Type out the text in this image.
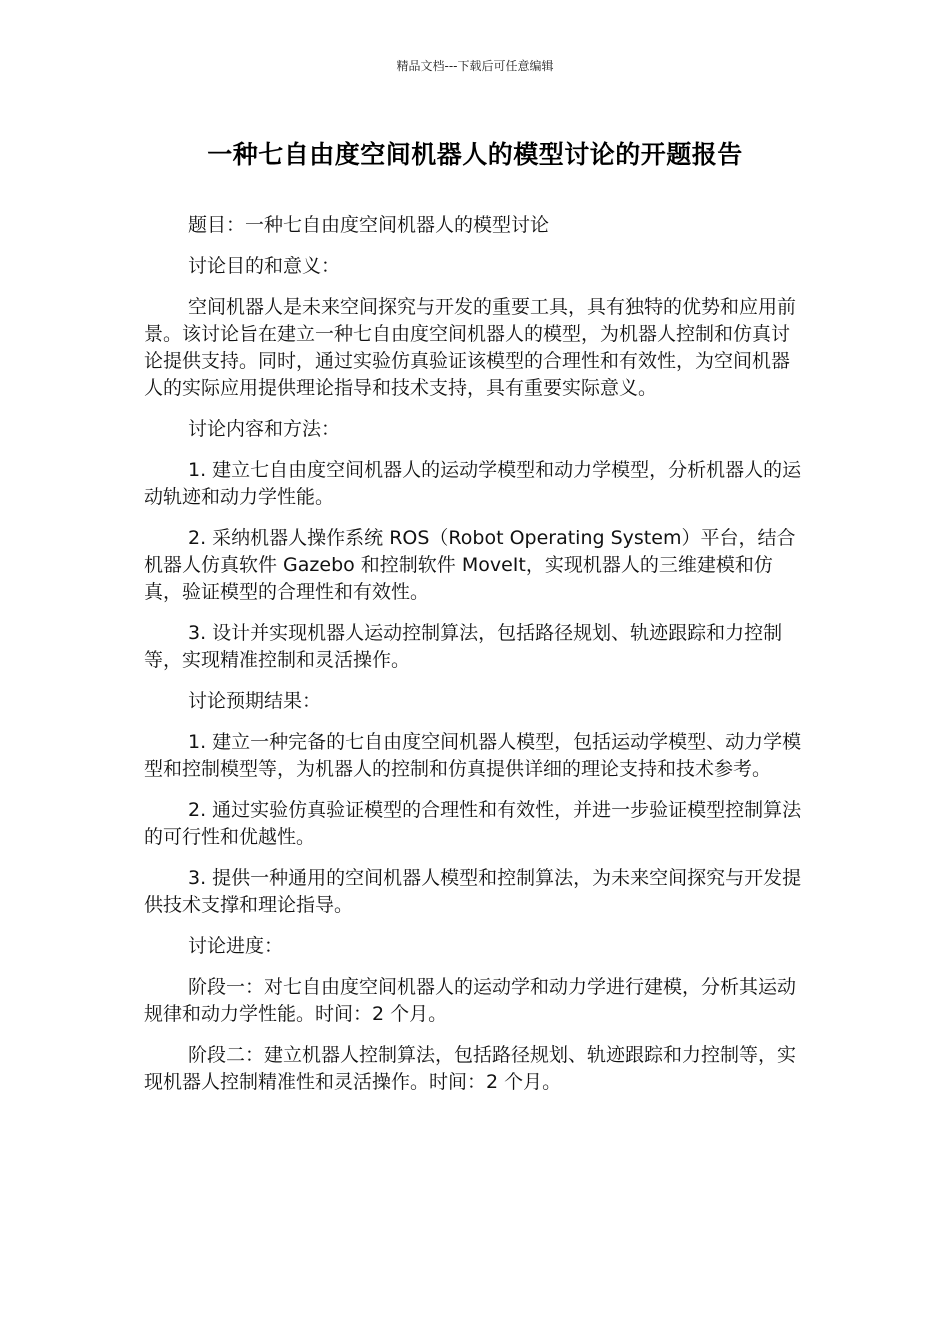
精品文档---下载后可任意编辑
一种七自由度空间机器人的模型讨论的开题报告

题目：一种七自由度空间机器人的模型讨论

讨论目的和意义：

空间机器人是未来空间探究与开发的重要工具，具有独特的优势和应用前景。该讨论旨在建立一种七自由度空间机器人的模型，为机器人控制和仿真讨论提供支持。同时，通过实验仿真验证该模型的合理性和有效性，为空间机器人的实际应用提供理论指导和技术支持，具有重要实际意义。

讨论内容和方法：

1. 建立七自由度空间机器人的运动学模型和动力学模型，分析机器人的运动轨迹和动力学性能。

2. 采纳机器人操作系统 ROS（Robot Operating System）平台，结合机器人仿真软件 Gazebo 和控制软件 MoveIt，实现机器人的三维建模和仿真，验证模型的合理性和有效性。

3. 设计并实现机器人运动控制算法，包括路径规划、轨迹跟踪和力控制等，实现精准控制和灵活操作。

讨论预期结果：

1. 建立一种完备的七自由度空间机器人模型，包括运动学模型、动力学模型和控制模型等，为机器人的控制和仿真提供详细的理论支持和技术参考。

2. 通过实验仿真验证模型的合理性和有效性，并进一步验证模型控制算法的可行性和优越性。

3. 提供一种通用的空间机器人模型和控制算法，为未来空间探究与开发提供技术支撑和理论指导。

讨论进度：

阶段一：对七自由度空间机器人的运动学和动力学进行建模，分析其运动规律和动力学性能。时间：2 个月。

阶段二：建立机器人控制算法，包括路径规划、轨迹跟踪和力控制等，实现机器人控制精准性和灵活操作。时间：2 个月。
